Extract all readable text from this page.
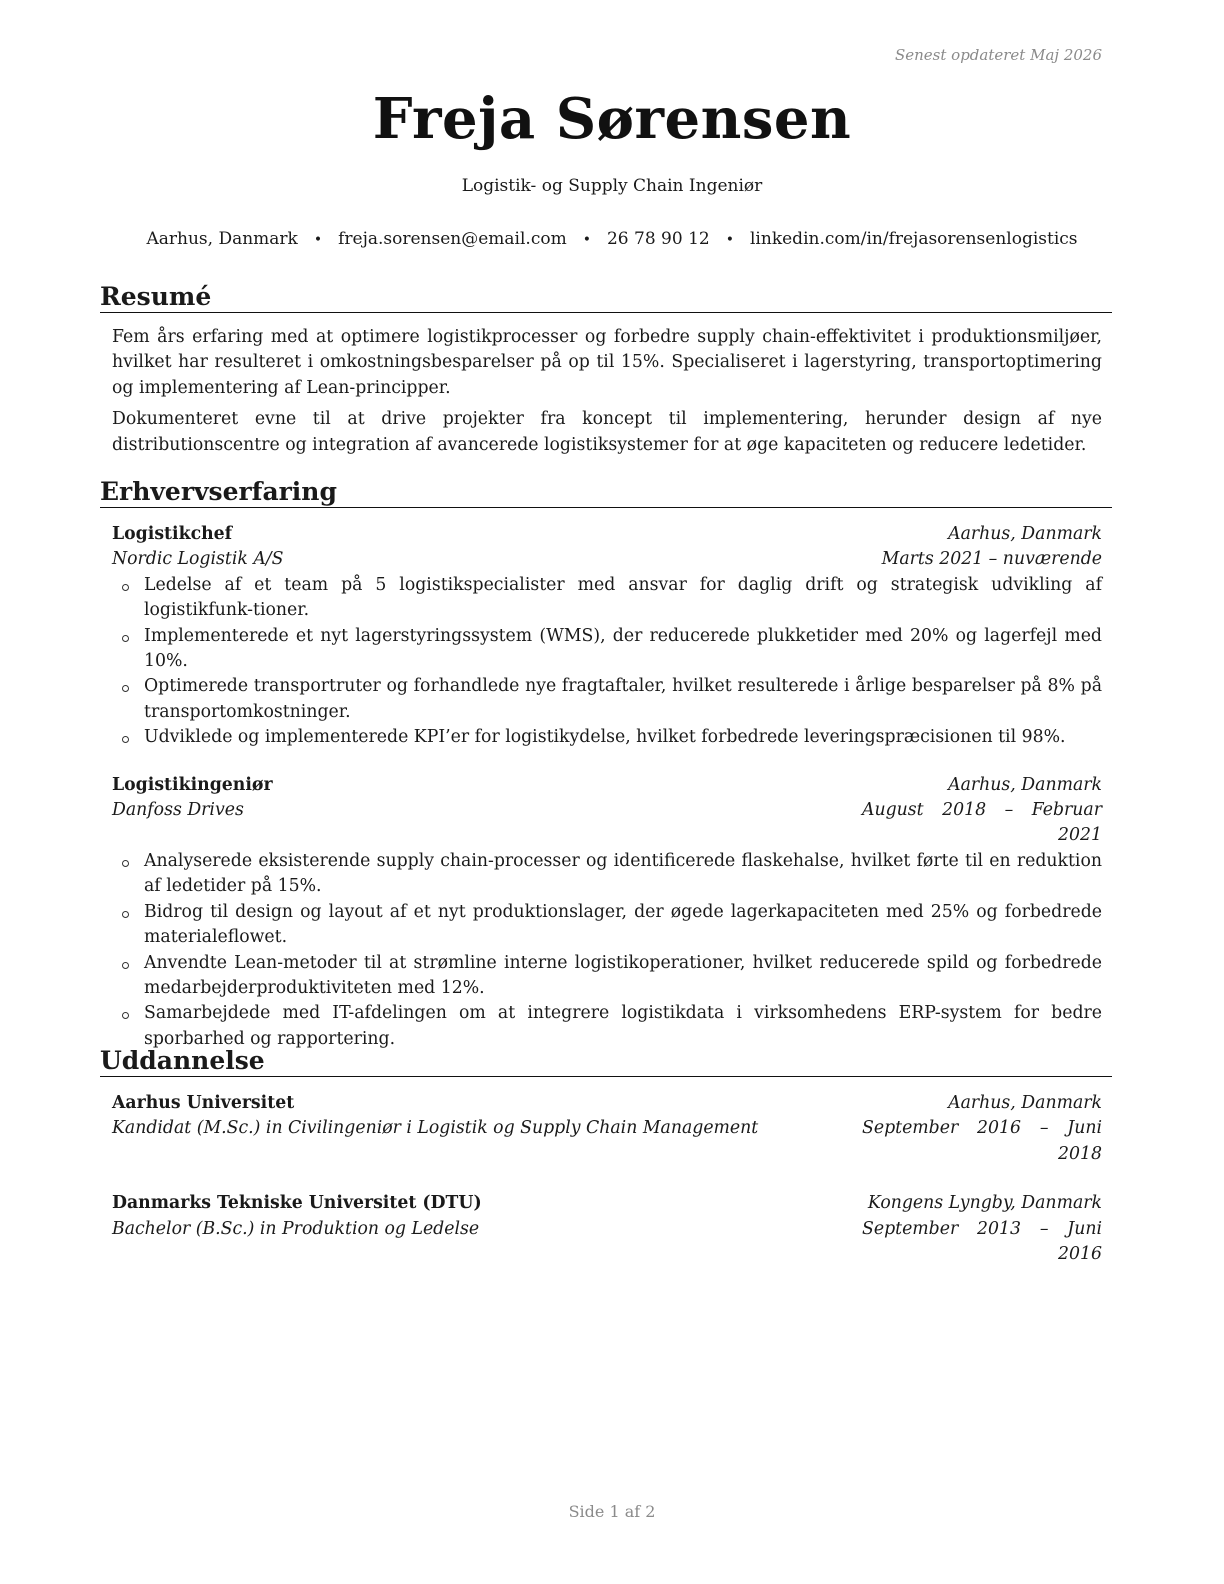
Senest opdateret Maj 2026
Freja Sørensen
Logistik- og Supply Chain Ingeniør
Aarhus, Danmark • freja.sorensen@email.com • 26 78 90 12 • linkedin.com/in/frejasorensenlogistics
Resumé

Fem års erfaring med at optimere logistikprocesser og forbedre supply chain-effektivitet i produktionsmiljøer, hvilket har resulteret i omkostningsbesparelser på op til 15%. Specialiseret i lagerstyring, transportoptimering og implementering af Lean-principper.

Dokumenteret evne til at drive projekter fra koncept til implementering, herunder design af nye distributionscentre og integration af avancerede logistiksystemer for at øge kapaciteten og reducere ledetider.

Erhvervserfaring
Logistikchef	Aarhus, Danmark
Nordic Logistik A/S	Marts 2021 – nuværende
Ledelse af et team på 5 logistikspecialister med ansvar for daglig drift og strategisk udvikling af logistikfunk-tioner.
Implementerede et nyt lagerstyringssystem (WMS), der reducerede plukketider med 20% og lagerfejl med 10%.
Optimerede transportruter og forhandlede nye fragtaftaler, hvilket resulterede i årlige besparelser på 8% på transportomkostninger.
Udviklede og implementerede KPI’er for logistikydelse, hvilket forbedrede leveringspræcisionen til 98%.
Logistikingeniør	Aarhus, Danmark
Danfoss Drives	August 2018 – Februar 2021
Analyserede eksisterende supply chain-processer og identificerede flaskehalse, hvilket førte til en reduktion af ledetider på 15%.
Bidrog til design og layout af et nyt produktionslager, der øgede lagerkapaciteten med 25% og forbedrede materialeflowet.
Anvendte Lean-metoder til at strømline interne logistikoperationer, hvilket reducerede spild og forbedrede medarbejderproduktiviteten med 12%.
Samarbejdede med IT-afdelingen om at integrere logistikdata i virksomhedens ERP-system for bedre sporbarhed og rapportering.
Uddannelse
Aarhus Universitet	Aarhus, Danmark
Kandidat (M.Sc.) in Civilingeniør i Logistik og Supply Chain Management	September 2016 – Juni 2018
Danmarks Tekniske Universitet (DTU)	Kongens Lyngby, Danmark
Bachelor (B.Sc.) in Produktion og Ledelse	September 2013 – Juni 2016
Side 1 af 2
